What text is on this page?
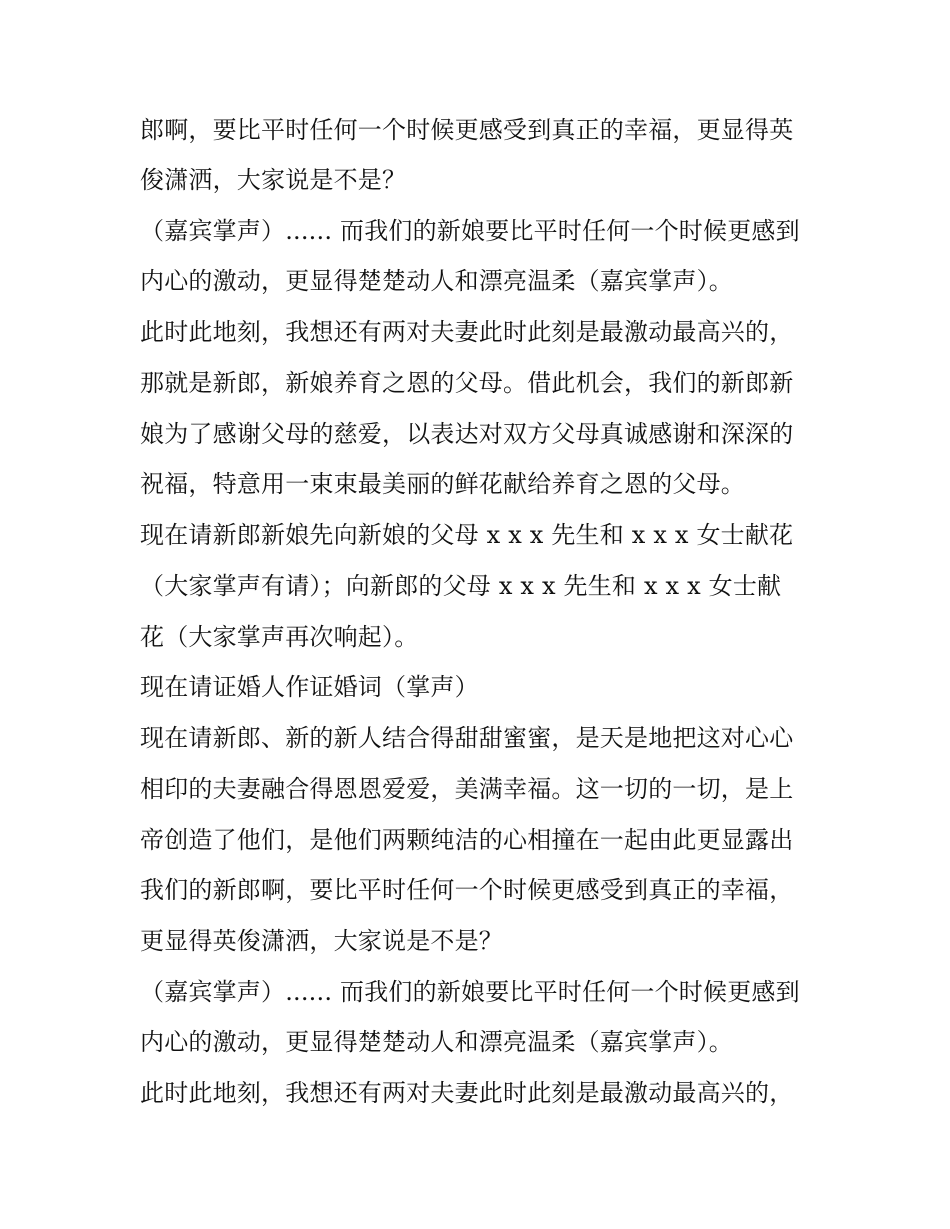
郎啊，要比平时任何一个时候更感受到真正的幸福，更显得英
俊潇洒，大家说是不是？
（嘉宾掌声）...... 而我们的新娘要比平时任何一个时候更感到
内心的激动，更显得楚楚动人和漂亮温柔（嘉宾掌声）。
此时此地刻，我想还有两对夫妻此时此刻是最激动最高兴的，
那就是新郎，新娘养育之恩的父母。借此机会，我们的新郎新
娘为了感谢父母的慈爱，以表达对双方父母真诚感谢和深深的
祝福，特意用一束束最美丽的鲜花献给养育之恩的父母。
现在请新郎新娘先向新娘的父母 x x x 先生和 x x x 女士献花
（大家掌声有请）；向新郎的父母 x x x 先生和 x x x 女士献
花（大家掌声再次响起）。
现在请证婚人作证婚词（掌声）
现在请新郎、新的新人结合得甜甜蜜蜜，是天是地把这对心心
相印的夫妻融合得恩恩爱爱，美满幸福。这一切的一切，是上
帝创造了他们，是他们两颗纯洁的心相撞在一起由此更显露出
我们的新郎啊，要比平时任何一个时候更感受到真正的幸福，
更显得英俊潇洒，大家说是不是？
（嘉宾掌声）...... 而我们的新娘要比平时任何一个时候更感到
内心的激动，更显得楚楚动人和漂亮温柔（嘉宾掌声）。
此时此地刻，我想还有两对夫妻此时此刻是最激动最高兴的，
